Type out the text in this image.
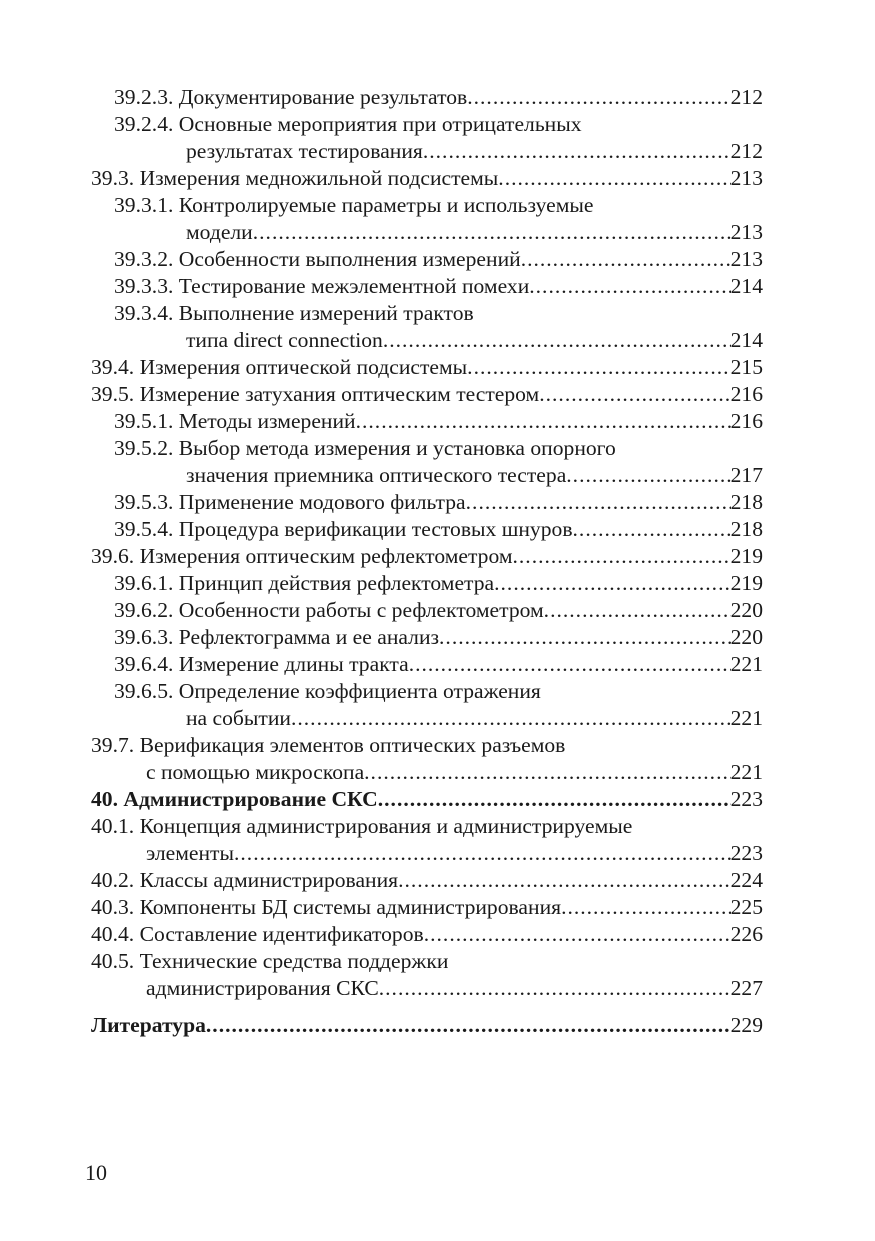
39.2.3. Документирование результатов .....	212
39.2.4. Основные мероприятия при отрицательных
результатах тестирования .....	212
39.3. Измерения медножильной подсистемы .....	213
39.3.1. Контролируемые параметры и используемые
модели .....	213
39.3.2. Особенности выполнения измерений .....	213
39.3.3. Тестирование межэлементной помехи .....	214
39.3.4. Выполнение измерений трактов
типа direct connection .....	214
39.4. Измерения оптической подсистемы .....	215
39.5. Измерение затухания оптическим тестером .....	216
39.5.1. Методы измерений .....	216
39.5.2. Выбор метода измерения и установка опорного
значения приемника оптического тестера .....	217
39.5.3. Применение модового фильтра .....	218
39.5.4. Процедура верификации тестовых шнуров .....	218
39.6. Измерения оптическим рефлектометром .....	219
39.6.1. Принцип действия рефлектометра .....	219
39.6.2. Особенности работы с рефлектометром .....	220
39.6.3. Рефлектограмма и ее анализ .....	220
39.6.4. Измерение длины тракта .....	221
39.6.5. Определение коэффициента отражения
на событии .....	221
39.7. Верификация элементов оптических разъемов
с помощью микроскопа .....	221
40. Администрирование СКС .....	223
40.1. Концепция администрирования и администрируемые
элементы .....	223
40.2. Классы администрирования .....	224
40.3. Компоненты БД системы администрирования .....	225
40.4. Составление идентификаторов .....	226
40.5. Технические средства поддержки
администрирования СКС .....	227
Литература .....	229
10
